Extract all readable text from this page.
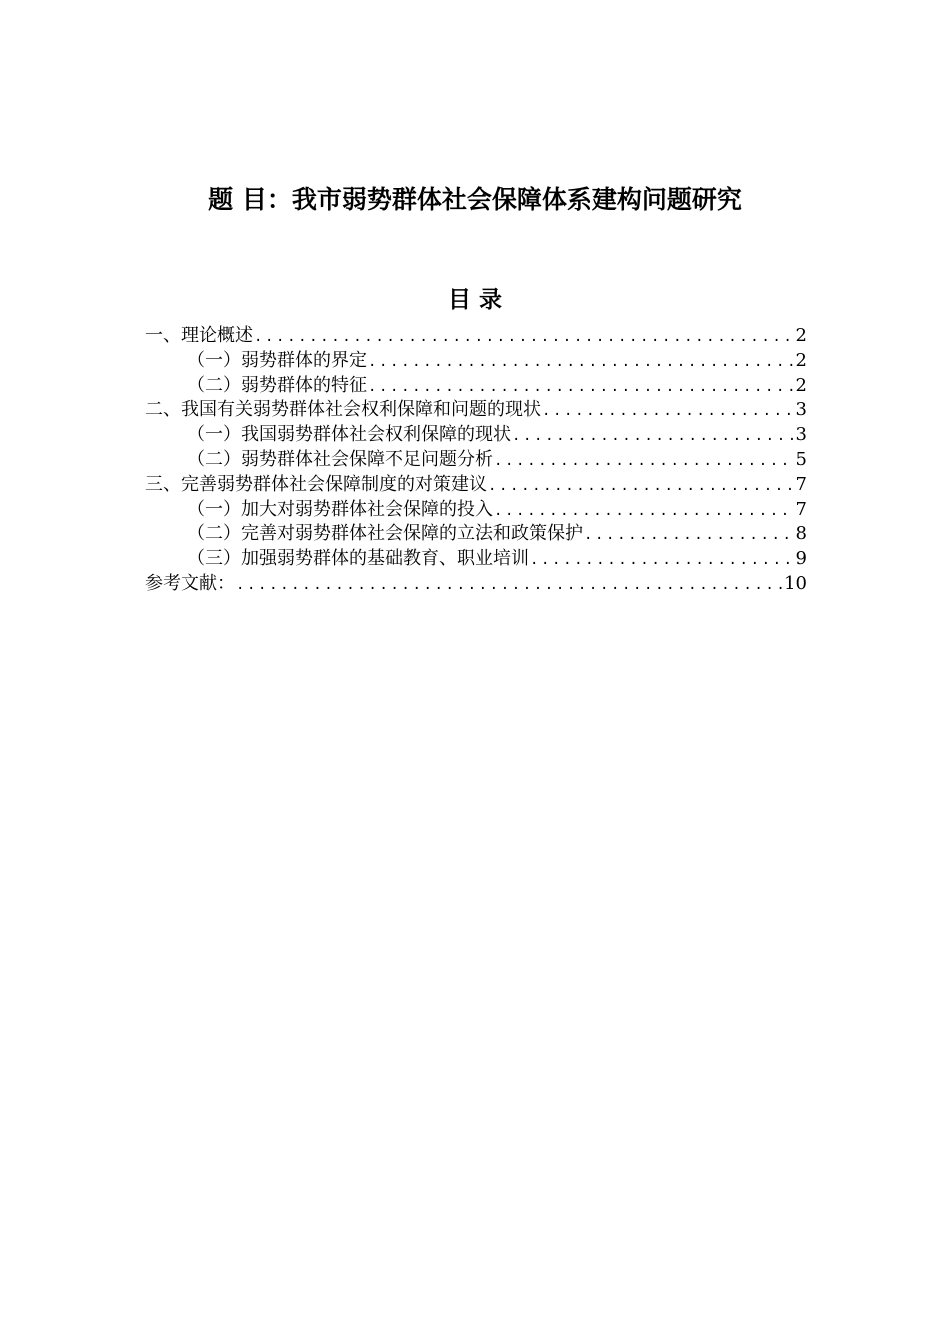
题 目：我市弱势群体社会保障体系建构问题研究
目 录
一、理论概述 .....	2
（一）弱势群体的界定 .....	2
（二）弱势群体的特征 .....	2
二、我国有关弱势群体社会权利保障和问题的现状 .....	3
（一）我国弱势群体社会权利保障的现状 .....	3
（二）弱势群体社会保障不足问题分析 .....	5
三、完善弱势群体社会保障制度的对策建议 .....	7
（一）加大对弱势群体社会保障的投入 .....	7
（二）完善对弱势群体社会保障的立法和政策保护 .....	8
（三）加强弱势群体的基础教育、职业培训 .....	9
参考文献： .....	10
